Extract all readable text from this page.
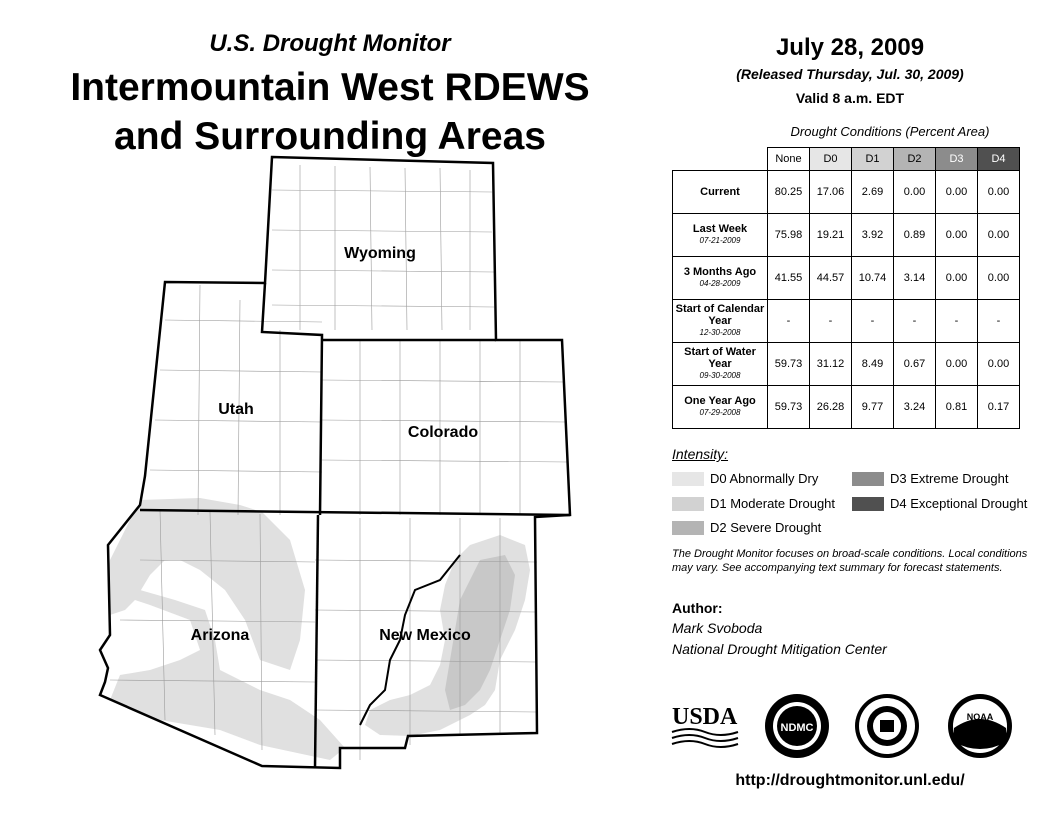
U.S. Drought Monitor
Intermountain West RDEWS
and Surrounding Areas
July 28, 2009
(Released Thursday, Jul. 30, 2009)
Valid 8 a.m. EDT
Wyoming
Utah
Colorado
Arizona	New Mexico
Drought Conditions (Percent Area)
	None	D0	D1	D2	D3	D4
Current	80.25	17.06	2.69	0.00	0.00	0.00
Last Week
07-21-2009	75.98	19.21	3.92	0.89	0.00	0.00
3 Months Ago
04-28-2009	41.55	44.57	10.74	3.14	0.00	0.00
Start of Calendar Year
12-30-2008	-	-	-	-	-	-
Start of Water Year
09-30-2008	59.73	31.12	8.49	0.67	0.00	0.00
One Year Ago
07-29-2008	59.73	26.28	9.77	3.24	0.81	0.17
Intensity:
D0 Abnormally Dry
D1 Moderate Drought
D2 Severe Drought
D3 Extreme Drought
D4 Exceptional Drought
The Drought Monitor focuses on broad-scale conditions. Local conditions may vary. See accompanying text summary for forecast statements.
Author:
Mark Svoboda
National Drought Mitigation Center
USDA	NDMC
NOAA
http://droughtmonitor.unl.edu/
